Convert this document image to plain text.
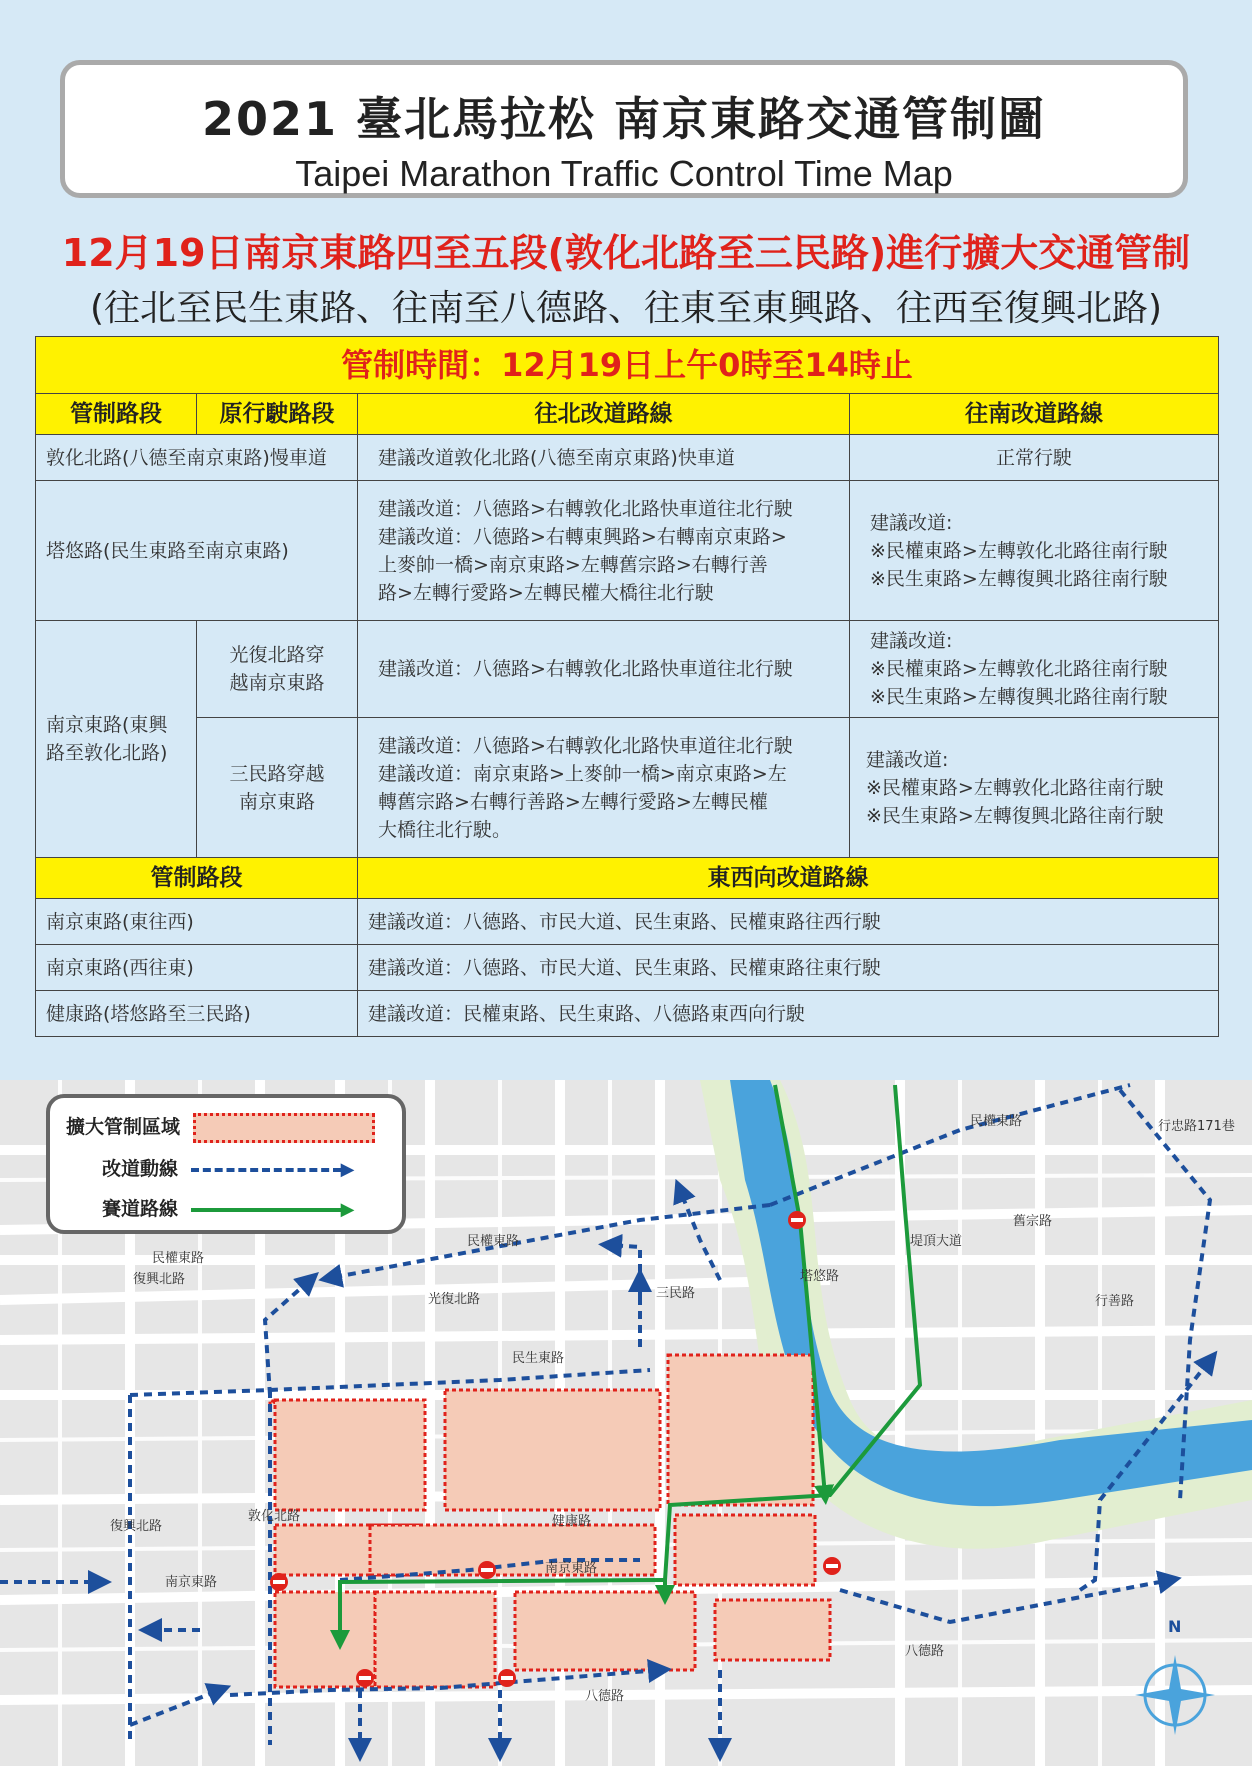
2021 臺北馬拉松 南京東路交通管制圖
Taipei Marathon Traffic Control Time Map
12月19日南京東路四至五段(敦化北路至三民路)進行擴大交通管制
(往北至民生東路、往南至八德路、往東至東興路、往西至復興北路)
管制時間：12月19日上午0時至14時止			
管制路段	原行駛路段	往北改道路線	往南改道路線
敦化北路(八德至南京東路)慢車道		建議改道敦化北路(八德至南京東路)快車道	正常行駛
塔悠路(民生東路至南京東路)		建議改道：八德路>右轉敦化北路快車道往北行駛
建議改道：八德路>右轉東興路>右轉南京東路>
上麥帥一橋>南京東路>左轉舊宗路>右轉行善
路>左轉行愛路>左轉民權大橋往北行駛	建議改道:
※民權東路>左轉敦化北路往南行駛
※民生東路>左轉復興北路往南行駛
南京東路(東興
路至敦化北路)	光復北路穿
越南京東路	建議改道：八德路>右轉敦化北路快車道往北行駛	建議改道:
※民權東路>左轉敦化北路往南行駛
※民生東路>左轉復興北路往南行駛
	三民路穿越
南京東路	建議改道：八德路>右轉敦化北路快車道往北行駛
建議改道：南京東路>上麥帥一橋>南京東路>左
轉舊宗路>右轉行善路>左轉行愛路>左轉民權
大橋往北行駛。	建議改道:
※民權東路>左轉敦化北路往南行駛
※民生東路>左轉復興北路往南行駛
管制路段		東西向改道路線	
南京東路(東往西)		建議改道：八德路、市民大道、民生東路、民權東路往西行駛	
南京東路(西往東)		建議改道：八德路、市民大道、民生東路、民權東路往東行駛	
健康路(塔悠路至三民路)		建議改道：民權東路、民生東路、八德路東西向行駛	
民權東路
民權東路
民權東路
民生東路
復興北路
復興北路
光復北路	三民路
塔悠路
堤頂大道
舊宗路
行善路
行忠路171巷
敦化北路
南京東路
南京東路
健康路
八德路
八德路
N
擴大管制區域
改道動線	▶
賽道路線	▶
